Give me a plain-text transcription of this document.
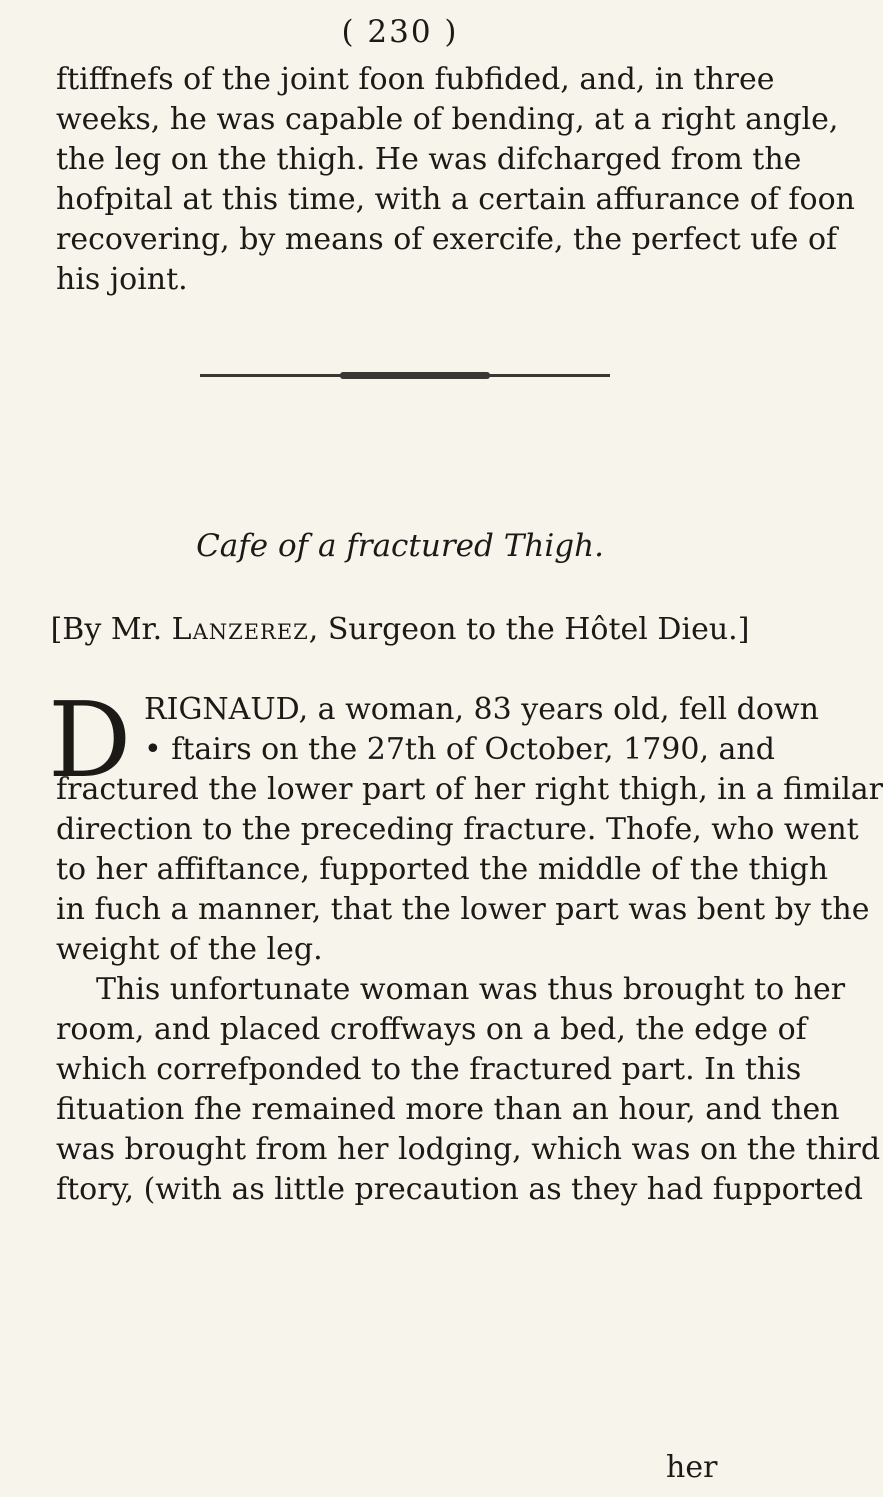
( 230 )

ftiffnefs of the joint foon fubfided, and, in three
weeks, he was capable of bending, at a right angle,
the leg on the thigh. He was difcharged from the
hofpital at this time, with a certain affurance of foon
recovering, by means of exercife, the perfect ufe of
his joint.

Cafe of a fractured Thigh.
[By Mr. Lanzerez, Surgeon to the Hôtel Dieu.]
D RIGNAUD, a woman, 83 years old, fell down
• ftairs on the 27th of October, 1790, and

fractured the lower part of her right thigh, in a fimilar
direction to the preceding fracture. Thofe, who went
to her affiftance, fupported the middle of the thigh
in fuch a manner, that the lower part was bent by the
weight of the leg.
This unfortunate woman was thus brought to her
room, and placed croffways on a bed, the edge of
which correfponded to the fractured part. In this
fituation fhe remained more than an hour, and then
was brought from her lodging, which was on the third
ftory, (with as little precaution as they had fupported

her
